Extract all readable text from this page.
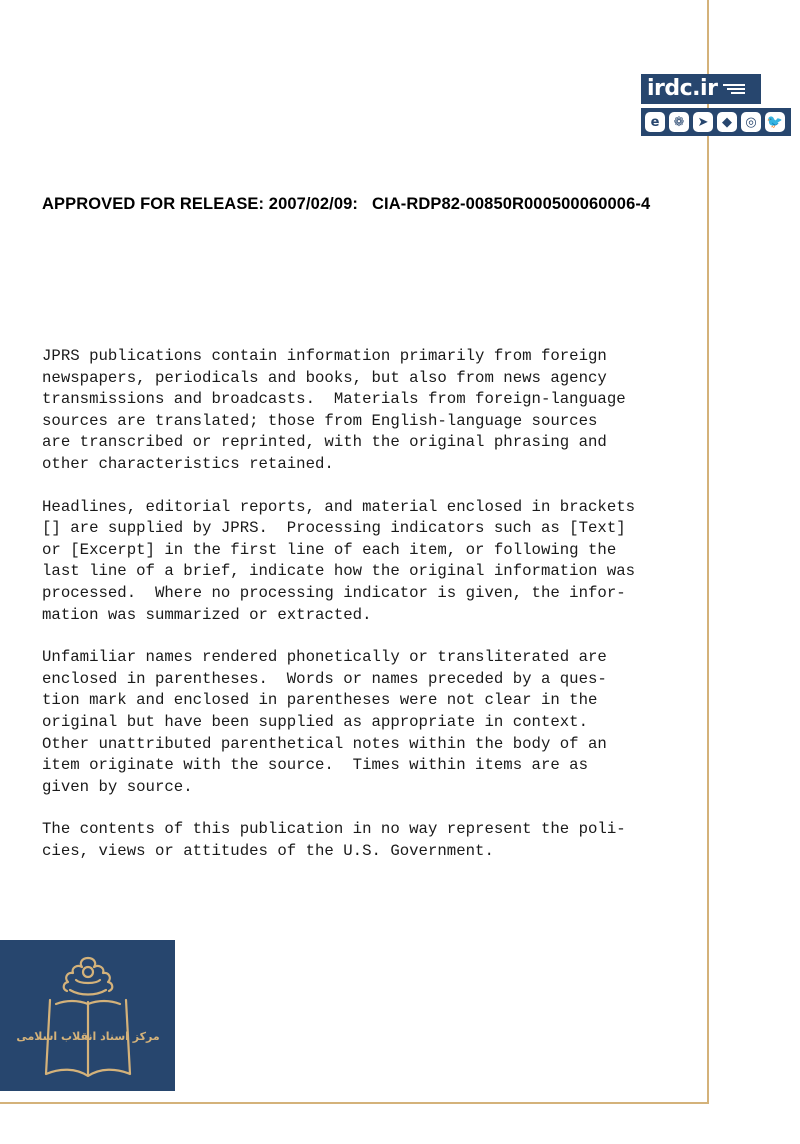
irdc.ir
e	❁	➤	◆	◎ 🐦
APPROVED FOR RELEASE: 2007/02/09:   CIA-RDP82-00850R000500060006-4

JPRS publications contain information primarily from foreign
newspapers, periodicals and books, but also from news agency
transmissions and broadcasts.  Materials from foreign-language
sources are translated; those from English-language sources
are transcribed or reprinted, with the original phrasing and
other characteristics retained.

Headlines, editorial reports, and material enclosed in brackets
[] are supplied by JPRS.  Processing indicators such as [Text]
or [Excerpt] in the first line of each item, or following the
last line of a brief, indicate how the original information was
processed.  Where no processing indicator is given, the infor-
mation was summarized or extracted.

Unfamiliar names rendered phonetically or transliterated are
enclosed in parentheses.  Words or names preceded by a ques-
tion mark and enclosed in parentheses were not clear in the
original but have been supplied as appropriate in context.
Other unattributed parenthetical notes within the body of an
item originate with the source.  Times within items are as
given by source.

The contents of this publication in no way represent the poli-
cies, views or attitudes of the U.S. Government.

مرکز اسناد انقلاب اسلامی
